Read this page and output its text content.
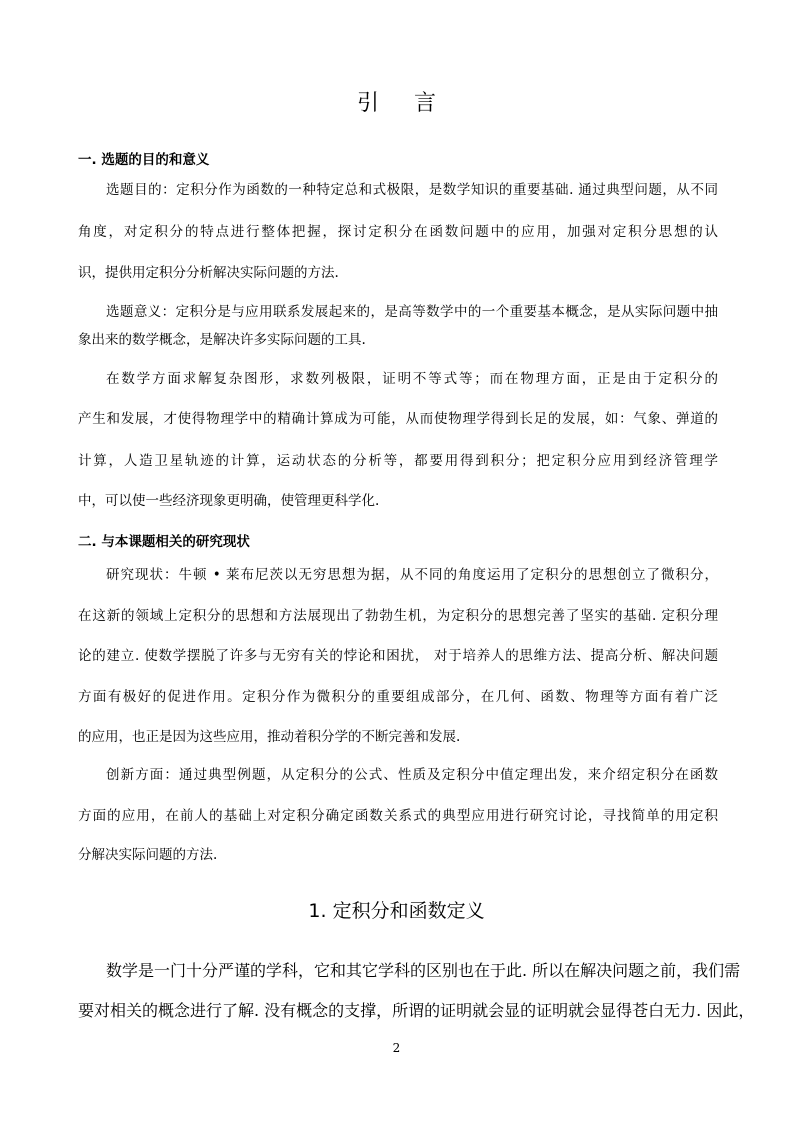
引 言
一. 选题的目的和意义
选题目的：定积分作为函数的一种特定总和式极限，是数学知识的重要基础. 通过典型问题，从不同
角度，对定积分的特点进行整体把握，探讨定积分在函数问题中的应用，加强对定积分思想的认
识，提供用定积分分析解决实际问题的方法.
选题意义：定积分是与应用联系发展起来的，是高等数学中的一个重要基本概念，是从实际问题中抽
象出来的数学概念，是解决许多实际问题的工具.
在数学方面求解复杂图形，求数列极限，证明不等式等；而在物理方面，正是由于定积分的
产生和发展，才使得物理学中的精确计算成为可能，从而使物理学得到长足的发展，如：气象、弹道的
计算，人造卫星轨迹的计算，运动状态的分析等，都要用得到积分；把定积分应用到经济管理学
中，可以使一些经济现象更明确，使管理更科学化.
二. 与本课题相关的研究现状
研究现状：牛顿 • 莱布尼茨以无穷思想为据，从不同的角度运用了定积分的思想创立了微积分，
在这新的领域上定积分的思想和方法展现出了勃勃生机，为定积分的思想完善了坚实的基础. 定积分理
论的建立. 使数学摆脱了许多与无穷有关的悖论和困扰， 对于培养人的思维方法、提高分析、解决问题
方面有极好的促进作用。定积分作为微积分的重要组成部分，在几何、函数、物理等方面有着广泛
的应用，也正是因为这些应用，推动着积分学的不断完善和发展.
创新方面：通过典型例题，从定积分的公式、性质及定积分中值定理出发，来介绍定积分在函数
方面的应用，在前人的基础上对定积分确定函数关系式的典型应用进行研究讨论，寻找简单的用定积
分解决实际问题的方法.
1. 定积分和函数定义
数学是一门十分严谨的学科，它和其它学科的区别也在于此. 所以在解决问题之前，我们需
要对相关的概念进行了解. 没有概念的支撑，所谓的证明就会显的证明就会显得苍白无力. 因此，
2
